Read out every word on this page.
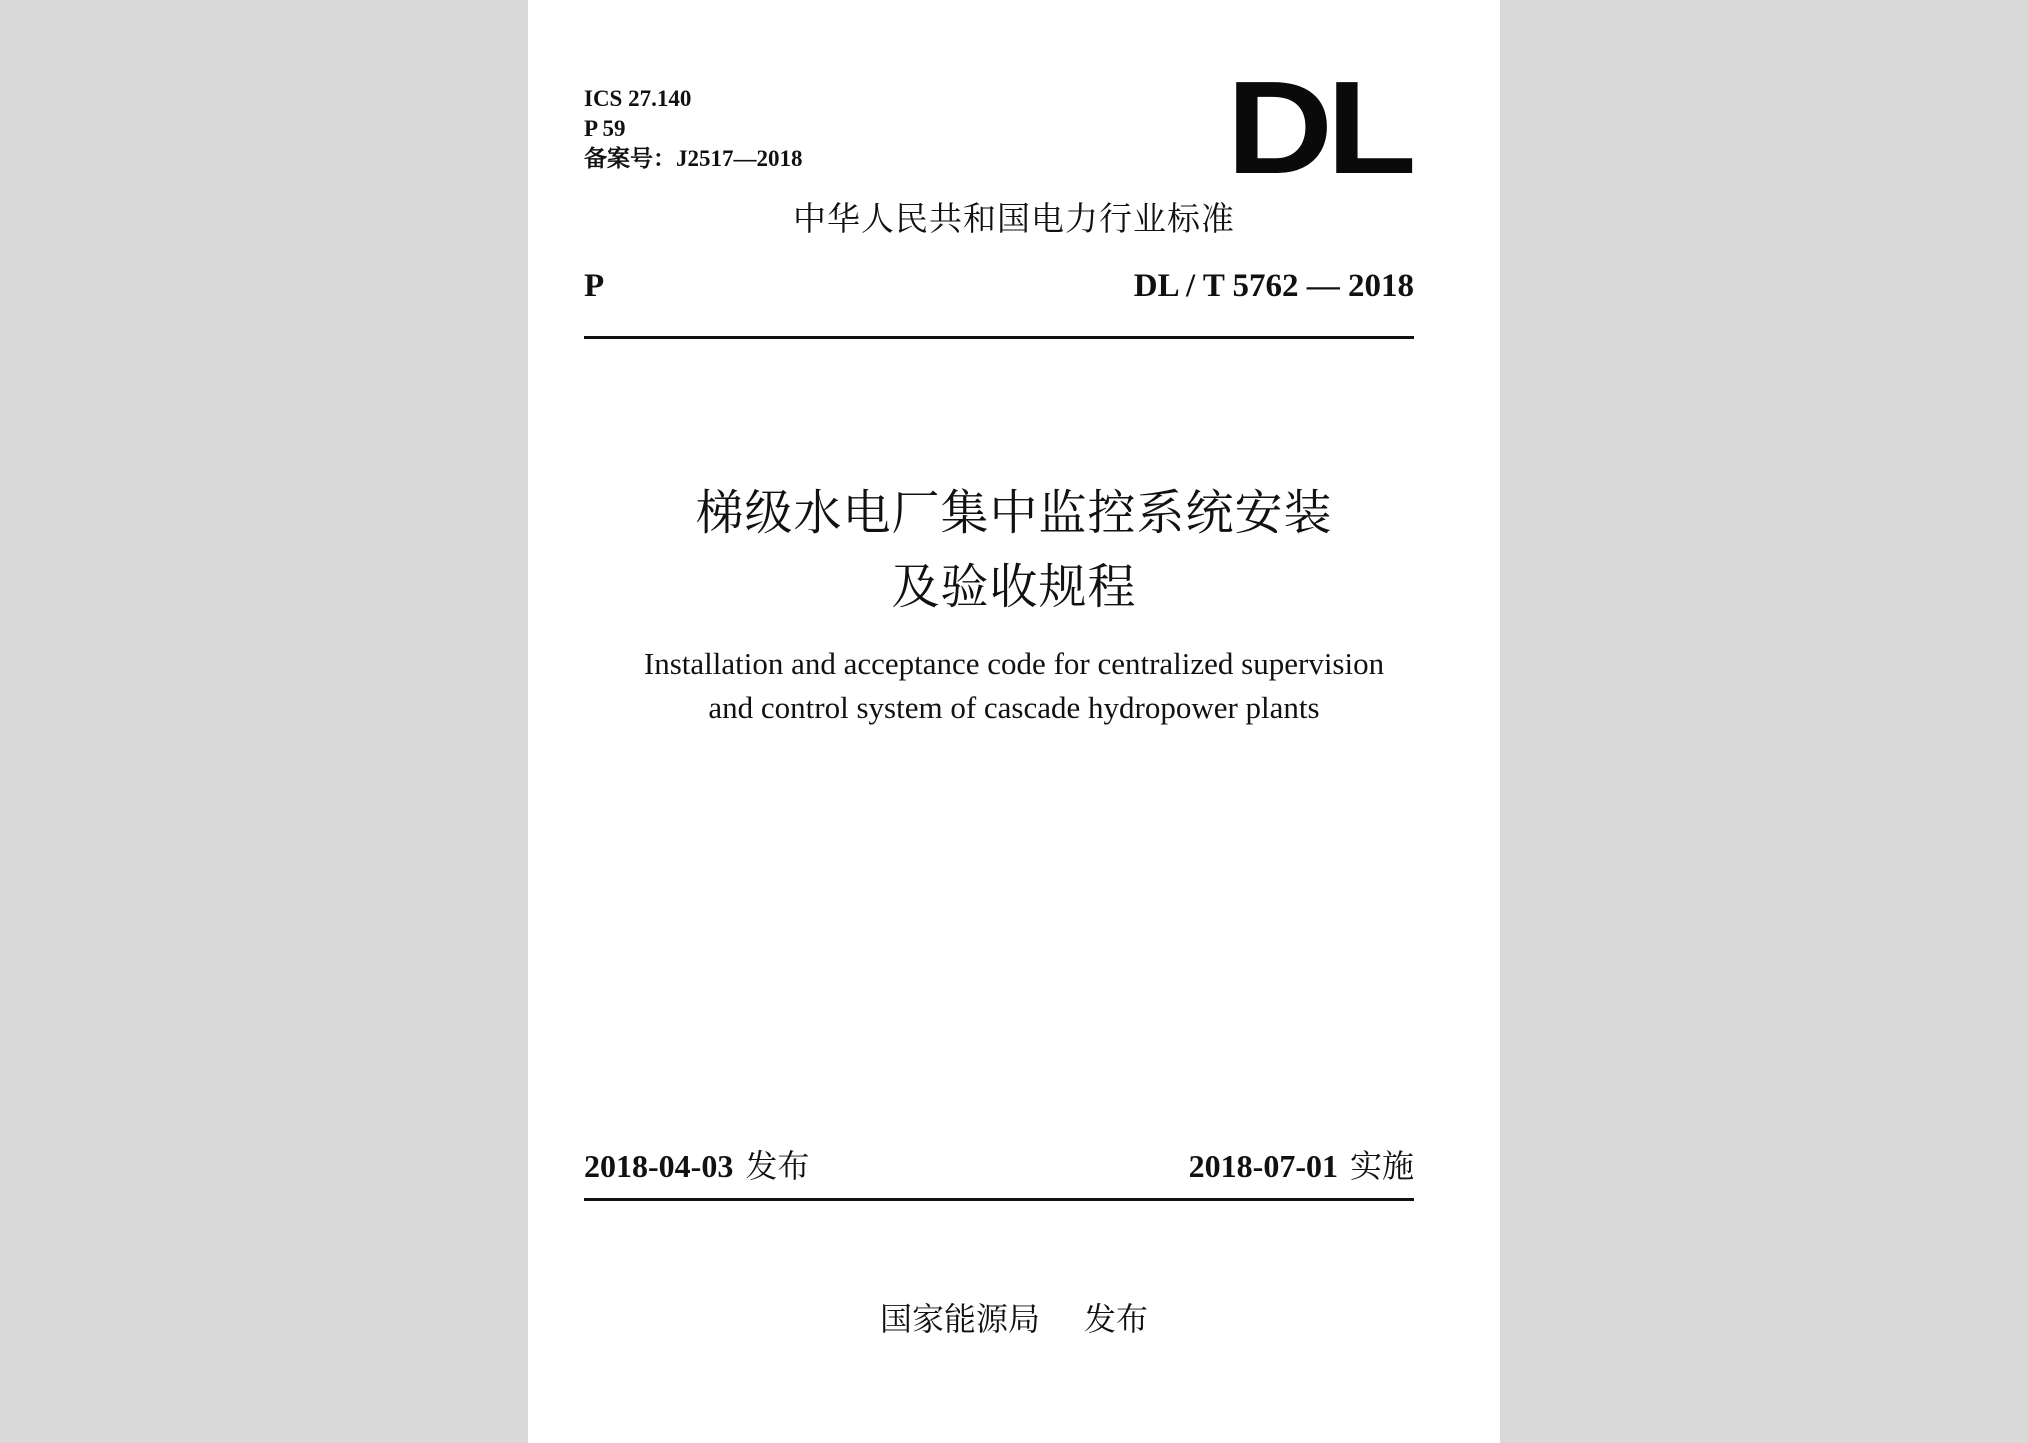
ICS 27.140
P 59
备案号：J2517—2018	DL
中华人民共和国电力行业标准
P	DL / T 5762 — 2018
梯级水电厂集中监控系统安装
及验收规程
Installation and acceptance code for centralized supervision
and control system of cascade hydropower plants
2018-04-03 发布	2018-07-01 实施
国家能源局 发布
